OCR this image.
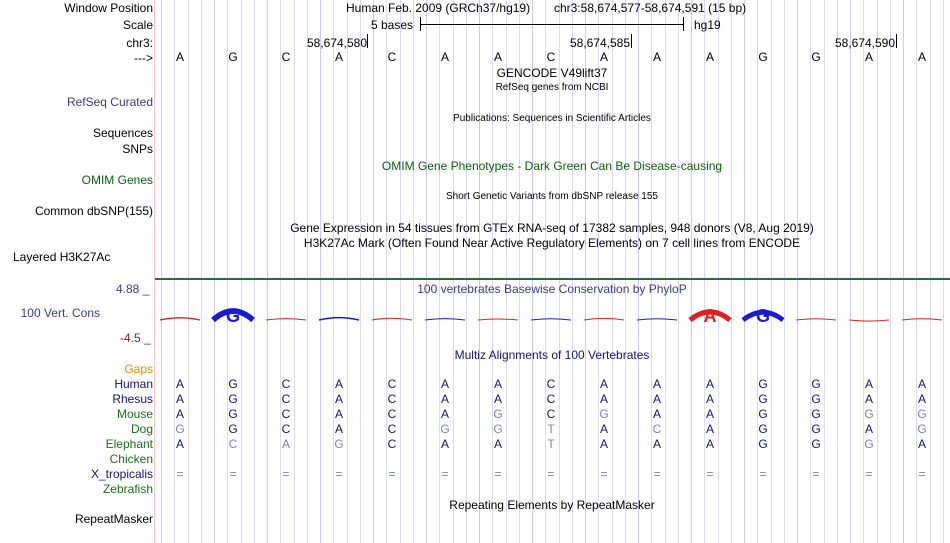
Window Position
Scale
chr3:
--->
Human Feb. 2009 (GRCh37/hg19) chr3:58,674,577-58,674,591 (15 bp)
5 bases	hg19
58,674,580	58,674,585	58,674,590
A	G	C	A	C	A	A	C	A	A	A	G	G	A	A
GENCODE V49lift37
RefSeq genes from NCBI
RefSeq Curated
Publications: Sequences in Scientific Articles
Sequences
SNPs
OMIM Gene Phenotypes - Dark Green Can Be Disease-causing
OMIM Genes
Short Genetic Variants from dbSNP release 155
Common dbSNP(155)
Gene Expression in 54 tissues from GTEx RNA-seq of 17382 samples, 948 donors (V8, Aug 2019)
H3K27Ac Mark (Often Found Near Active Regulatory Elements) on 7 cell lines from ENCODE
Layered H3K27Ac
100 vertebrates Basewise Conservation by PhyloP
4.88 _
100 Vert. Cons
-4.5 _
G	A G
Multiz Alignments of 100 Vertebrates
Gaps
Human	A	G	C	A	C	A	A	C	A	A	A	G	G	A	A
Rhesus	A	G	C	A	C	A	A	C	A	A	A	G	G	A	A
Mouse	A	G	C	A	C	A	G	C	G	A	A	G	G	G	G
Dog	G	G	C	A	C	G	G	T	A	C	A	G	G	A	G
Elephant	A	C	A	G	C	A	A	T	A	A	A	G	G	G	A
Chicken
X_tropicalis	=	=	=	=	=	=	=	=	=	=	=	=	=	=	=
Zebrafish
Repeating Elements by RepeatMasker
RepeatMasker
